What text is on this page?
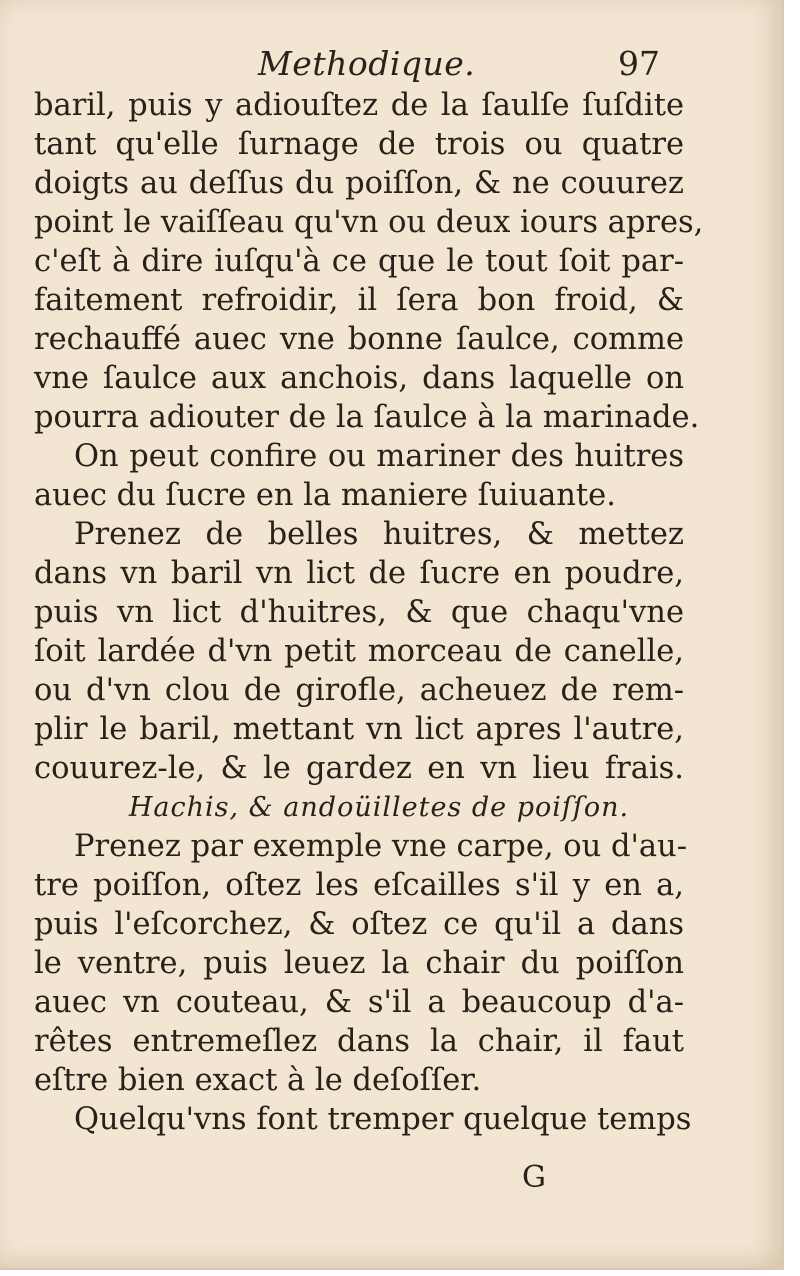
Methodique.	97
baril, puis y adiouſtez de la ſaulſe ſuſdite
tant qu'elle ſurnage de trois ou quatre
doigts au deſſus du poiſſon, & ne couurez
point le vaiſſeau qu'vn ou deux iours apres,
c'eſt à dire iuſqu'à ce que le tout ſoit par-
faitement refroidir, il ſera bon froid, &
rechauffé auec vne bonne ſaulce, comme
vne ſaulce aux anchois, dans laquelle on
pourra adiouter de la ſaulce à la marinade.
On peut confire ou mariner des huitres
auec du ſucre en la maniere ſuiuante.
Prenez de belles huitres, & mettez
dans vn baril vn lict de ſucre en poudre,
puis vn lict d'huitres, & que chaqu'vne
ſoit lardée d'vn petit morceau de canelle,
ou d'vn clou de girofle, acheuez de rem-
plir le baril, mettant vn lict apres l'autre,
couurez-le, & le gardez en vn lieu frais.
Hachis, & andoüilletes de poiſſon.
Prenez par exemple vne carpe, ou d'au-
tre poiſſon, oſtez les eſcailles s'il y en a,
puis l'eſcorchez, & oſtez ce qu'il a dans
le ventre, puis leuez la chair du poiſſon
auec vn couteau, & s'il a beaucoup d'a-
rêtes entremeſlez dans la chair, il faut
eſtre bien exact à le deſoſſer.
Quelqu'vns font tremper quelque temps
G
